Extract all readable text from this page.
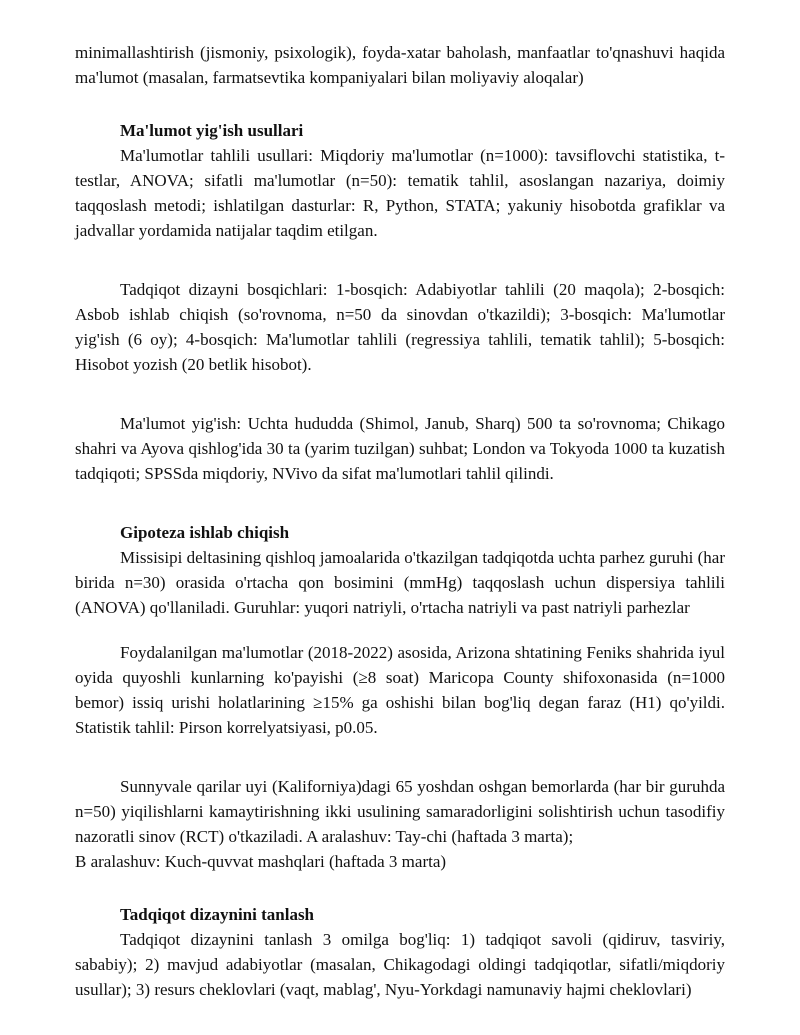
minimallashtirish (jismoniy, psixologik), foyda-xatar baholash, manfaatlar to'qnashuvi haqida ma'lumot (masalan, farmatsevtika kompaniyalari bilan moliyaviy aloqalar)

Ma'lumot yig'ish usullari

Ma'lumotlar tahlili usullari: Miqdoriy ma'lumotlar (n=1000): tavsiflovchi statistika, t-testlar, ANOVA; sifatli ma'lumotlar (n=50): tematik tahlil, asoslangan nazariya, doimiy taqqoslash metodi; ishlatilgan dasturlar: R, Python, STATA; yakuniy hisobotda grafiklar va jadvallar yordamida natijalar taqdim etilgan.

Tadqiqot dizayni bosqichlari: 1-bosqich: Adabiyotlar tahlili (20 maqola); 2-bosqich: Asbob ishlab chiqish (so'rovnoma, n=50 da sinovdan o'tkazildi); 3-bosqich: Ma'lumotlar yig'ish (6 oy); 4-bosqich: Ma'lumotlar tahlili (regressiya tahlili, tematik tahlil); 5-bosqich: Hisobot yozish (20 betlik hisobot).

Ma'lumot yig'ish: Uchta hududda (Shimol, Janub, Sharq) 500 ta so'rovnoma; Chikago shahri va Ayova qishlog'ida 30 ta (yarim tuzilgan) suhbat; London va Tokyoda 1000 ta kuzatish tadqiqoti; SPSSda miqdoriy, NVivo da sifat ma'lumotlari tahlil qilindi.

Gipoteza ishlab chiqish

Missisipi deltasining qishloq jamoalarida o'tkazilgan tadqiqotda uchta parhez guruhi (har birida n=30) orasida o'rtacha qon bosimini (mmHg) taqqoslash uchun dispersiya tahlili (ANOVA) qo'llaniladi. Guruhlar: yuqori natriyli, o'rtacha natriyli va past natriyli parhezlar

Foydalanilgan ma'lumotlar (2018-2022) asosida, Arizona shtatining Feniks shahrida iyul oyida quyoshli kunlarning ko'payishi (≥8 soat) Maricopa County shifoxonasida (n=1000 bemor) issiq urishi holatlarining ≥15% ga oshishi bilan bog'liq degan faraz (H1) qo'yildi. Statistik tahlil: Pirson korrelyatsiyasi, p0.05.

Sunnyvale qarilar uyi (Kaliforniya)dagi 65 yoshdan oshgan bemorlarda (har bir guruhda n=50) yiqilishlarni kamaytirishning ikki usulining samaradorligini solishtirish uchun tasodifiy nazoratli sinov (RCT) o'tkaziladi. A aralashuv: Tay-chi (haftada 3 marta);

B aralashuv: Kuch-quvvat mashqlari (haftada 3 marta)

Tadqiqot dizaynini tanlash

Tadqiqot dizaynini tanlash 3 omilga bog'liq: 1) tadqiqot savoli (qidiruv, tasviriy, sababiy); 2) mavjud adabiyotlar (masalan, Chikagodagi oldingi tadqiqotlar, sifatli/miqdoriy usullar); 3) resurs cheklovlari (vaqt, mablag', Nyu-Yorkdagi namunaviy hajmi cheklovlari)
